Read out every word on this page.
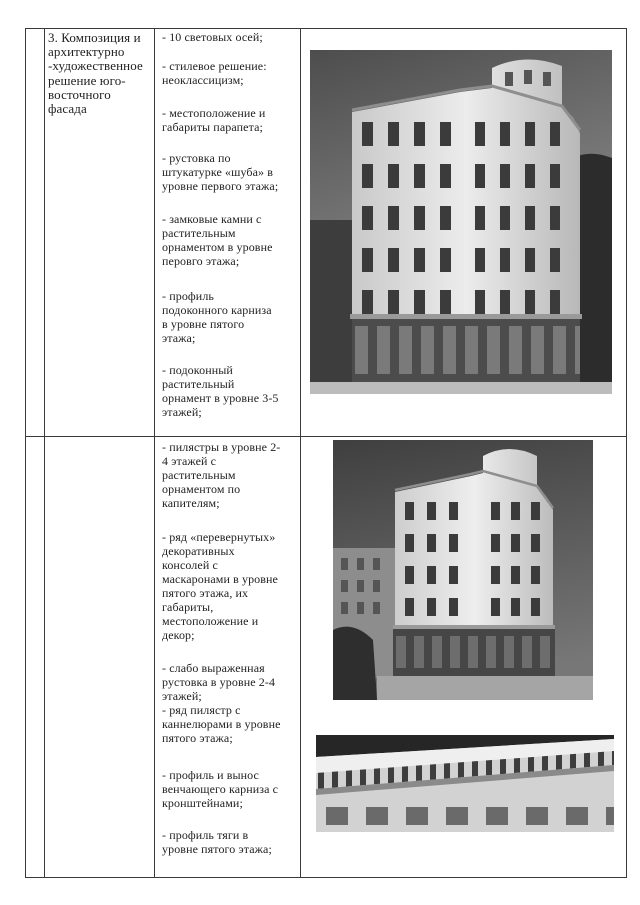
3. Композиция и
архитектурно
-художественное
решение юго-
восточного
фасада
- 10 световых осей;
- стилевое решение:
неоклассицизм;
- местоположение и
габариты парапета;
- рустовка по
штукатурке «шуба» в
уровне первого этажа;
- замковые камни с
растительным
орнаментом в уровне
перовго этажа;
- профиль
подоконного карниза
в уровне пятого
этажа;
- подоконный
растительный
орнамент в уровне 3-5
этажей;
- пилястры в уровне 2-
4 этажей с
растительным
орнаментом по
капителям;
- ряд «перевернутых»
декоративных
консолей с
маскаронами в уровне
пятого этажа, их
габариты,
местоположение и
декор;
- слабо выраженная
рустовка в уровне 2-4
этажей;
- ряд пилястр с
каннелюрами в уровне
пятого этажа;
- профиль и вынос
венчающего карниза с
кронштейнами;
- профиль тяги в
уровне пятого этажа;
